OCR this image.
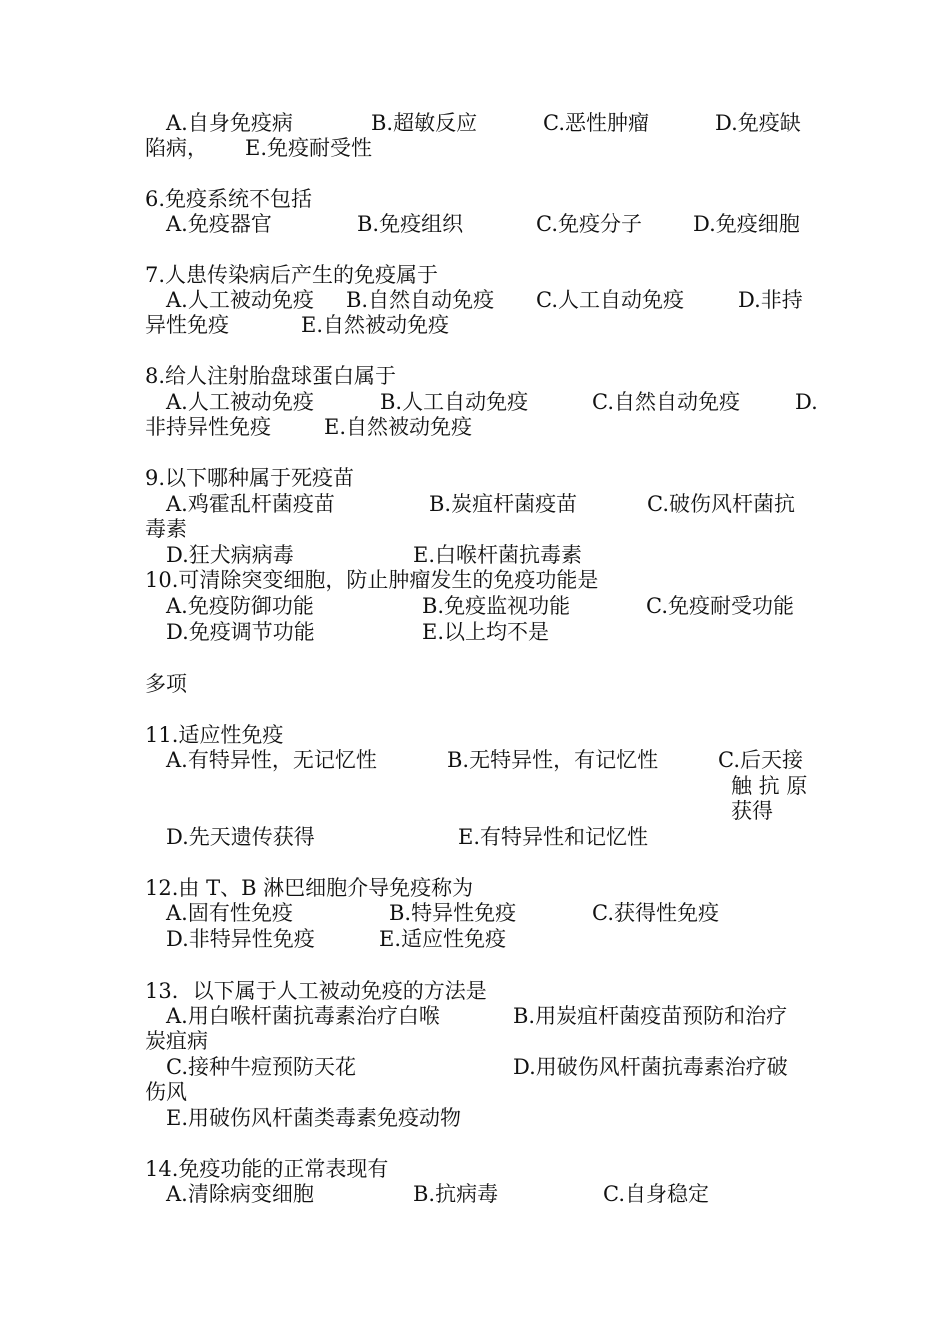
A.自身免疫病	B.超敏反应	C.恶性肿瘤	D.免疫缺
陷病， E.免疫耐受性
6.免疫系统不包括
A.免疫器官	B.免疫组织	C.免疫分子 D.免疫细胞
7.人患传染病后产生的免疫属于
A.人工被动免疫 B.自然自动免疫 C.人工自动免疫	D.非持
异性免疫	E.自然被动免疫
8.给人注射胎盘球蛋白属于
A.人工被动免疫	B.人工自动免疫	C.自然自动免疫	D.
非持异性免疫	E.自然被动免疫
9.以下哪种属于死疫苗
A.鸡霍乱杆菌疫苗	B.炭疽杆菌疫苗	C.破伤风杆菌抗
毒素
D.狂犬病病毒	E.白喉杆菌抗毒素
10.可清除突变细胞，防止肿瘤发生的免疫功能是
A.免疫防御功能	B.免疫监视功能	C.免疫耐受功能
D.免疫调节功能	E.以上均不是
多项
11.适应性免疫
A.有特异性，无记忆性	B.无特异性，有记忆性	C.后天接
触 抗 原
获得
D.先天遗传获得	E.有特异性和记忆性
12.由 T、B 淋巴细胞介导免疫称为
A.固有性免疫	B.特异性免疫	C.获得性免疫
D.非特异性免疫	E.适应性免疫
13．以下属于人工被动免疫的方法是
A.用白喉杆菌抗毒素治疗白喉	B.用炭疽杆菌疫苗预防和治疗
炭疽病
C.接种牛痘预防天花	D.用破伤风杆菌抗毒素治疗破
伤风
E.用破伤风杆菌类毒素免疫动物
14.免疫功能的正常表现有
A.清除病变细胞	B.抗病毒	C.自身稳定
